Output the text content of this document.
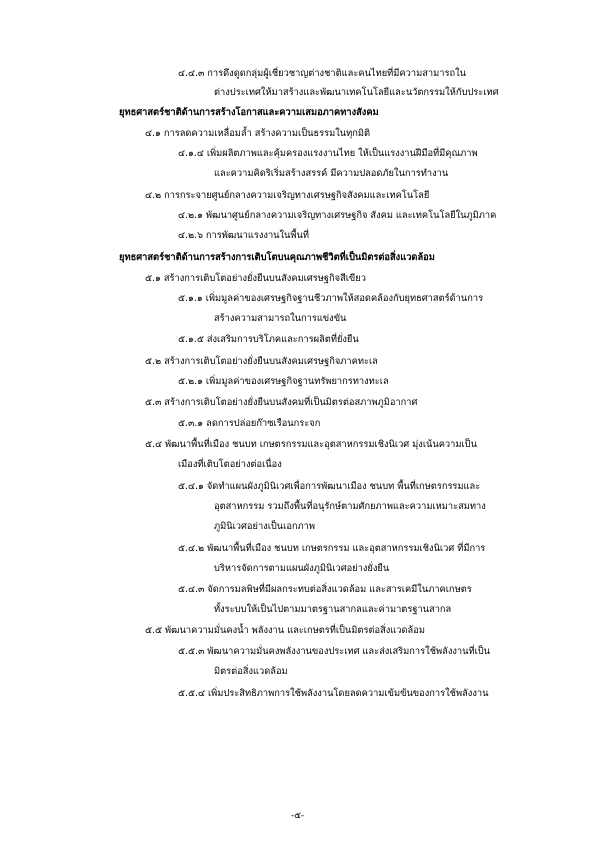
๔.๔.๓ การดึงดูดกลุ่มผู้เชี่ยวชาญต่างชาติและคนไทยที่มีความสามารถใน
ต่างประเทศให้มาสร้างและพัฒนาเทคโนโลยีและนวัตกรรมให้กับประเทศ
ยุทธศาสตร์ชาติด้านการสร้างโอกาสและความเสมอภาคทางสังคม
๔.๑ การลดความเหลื่อมล้ำ สร้างความเป็นธรรมในทุกมิติ
๔.๑.๔ เพิ่มผลิตภาพและคุ้มครองแรงงานไทย ให้เป็นแรงงานฝีมือที่มีคุณภาพ
และความคิดริเริ่มสร้างสรรค์ มีความปลอดภัยในการทำงาน
๔.๒ การกระจายศูนย์กลางความเจริญทางเศรษฐกิจสังคมและเทคโนโลยี
๔.๒.๑ พัฒนาศูนย์กลางความเจริญทางเศรษฐกิจ สังคม และเทคโนโลยีในภูมิภาค
๔.๒.๖ การพัฒนาแรงงานในพื้นที่
ยุทธศาสตร์ชาติด้านการสร้างการเติบโตบนคุณภาพชีวิตที่เป็นมิตรต่อสิ่งแวดล้อม
๕.๑ สร้างการเติบโตอย่างยั่งยืนบนสังคมเศรษฐกิจสีเขียว
๕.๑.๑ เพิ่มมูลค่าของเศรษฐกิจฐานชีวภาพให้สอดคล้องกับยุทธศาสตร์ด้านการ
สร้างความสามารถในการแข่งขัน
๕.๑.๕ ส่งเสริมการบริโภคและการผลิตที่ยั่งยืน
๕.๒ สร้างการเติบโตอย่างยั่งยืนบนสังคมเศรษฐกิจภาคทะเล
๕.๒.๑ เพิ่มมูลค่าของเศรษฐกิจฐานทรัพยากรทางทะเล
๕.๓ สร้างการเติบโตอย่างยั่งยืนบนสังคมที่เป็นมิตรต่อสภาพภูมิอากาศ
๕.๓.๑ ลดการปล่อยก๊าซเรือนกระจก
๕.๔ พัฒนาพื้นที่เมือง ชนบท เกษตรกรรมและอุตสาหกรรมเชิงนิเวศ มุ่งเน้นความเป็น
เมืองที่เติบโตอย่างต่อเนื่อง
๕.๔.๑ จัดทำแผนผังภูมินิเวศเพื่อการพัฒนาเมือง ชนบท พื้นที่เกษตรกรรมและ
อุตสาหกรรม รวมถึงพื้นที่อนุรักษ์ตามศักยภาพและความเหมาะสมทาง
ภูมินิเวศอย่างเป็นเอกภาพ
๕.๔.๒ พัฒนาพื้นที่เมือง ชนบท เกษตรกรรม และอุตสาหกรรมเชิงนิเวศ ที่มีการ
บริหารจัดการตามแผนผังภูมินิเวศอย่างยั่งยืน
๕.๔.๓ จัดการมลพิษที่มีผลกระทบต่อสิ่งแวดล้อม และสารเคมีในภาคเกษตร
ทั้งระบบให้เป็นไปตามมาตรฐานสากลและค่ามาตรฐานสากล
๕.๕ พัฒนาความมั่นคงน้ำ พลังงาน และเกษตรที่เป็นมิตรต่อสิ่งแวดล้อม
๕.๕.๓ พัฒนาความมั่นคงพลังงานของประเทศ และส่งเสริมการใช้พลังงานที่เป็น
มิตรต่อสิ่งแวดล้อม
๕.๕.๔ เพิ่มประสิทธิภาพการใช้พลังงานโดยลดความเข้มข้นของการใช้พลังงาน
-๕-
